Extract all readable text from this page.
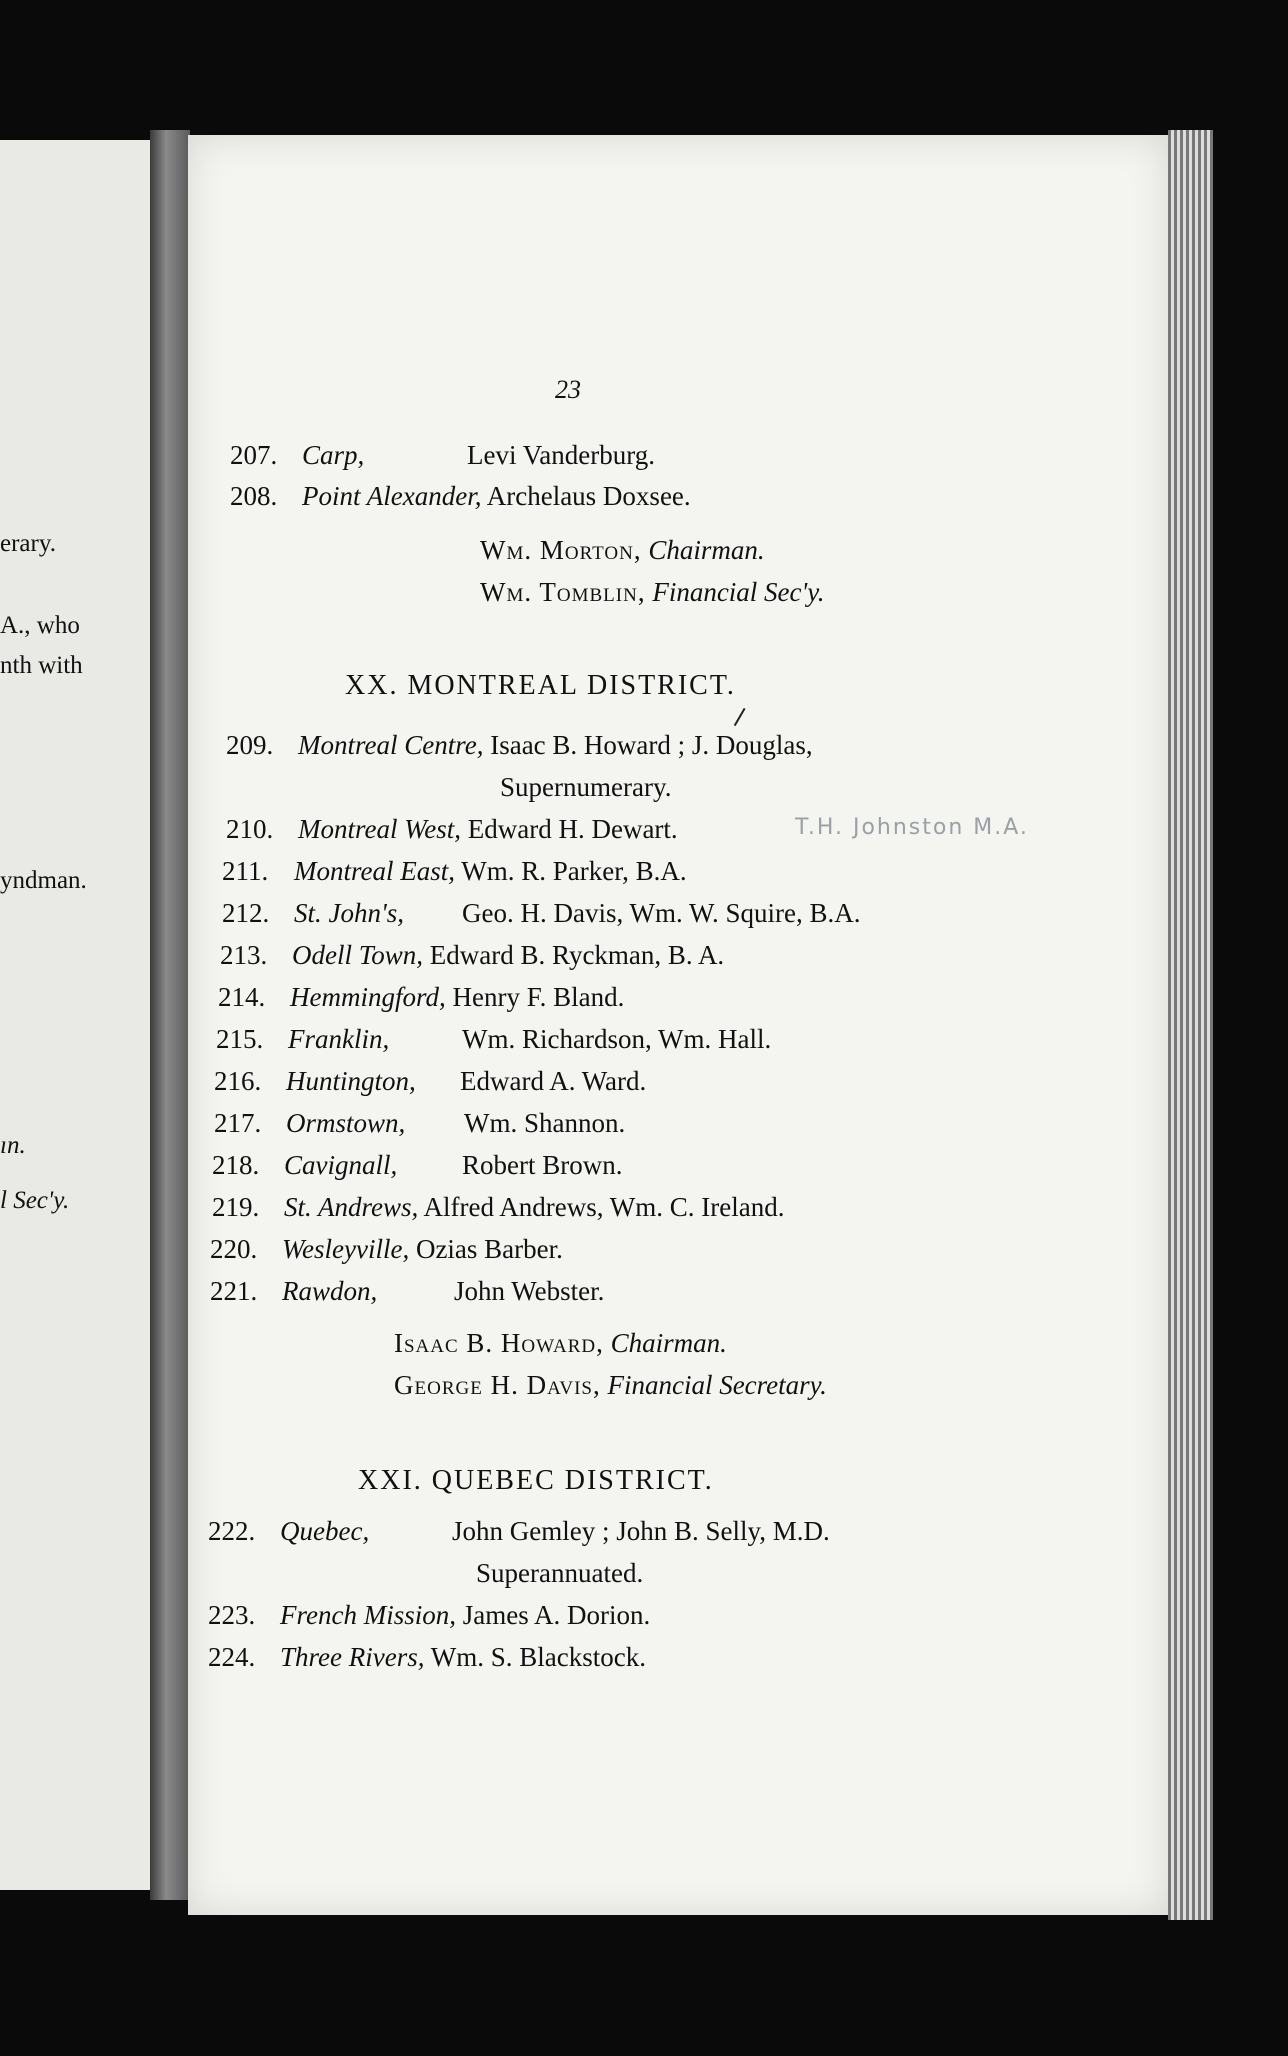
erary.
A., who
nth with
yndman.
ın.
l Sec'y.
23
207. Carp,	Levi Vanderburg.
208. Point Alexander, Archelaus Doxsee.
Wm. Morton, Chairman.
Wm. Tomblin, Financial Sec'y.
XX. MONTREAL DISTRICT.
209. Montreal Centre, Isaac B. Howard ; J. Douglas,
Supernumerary.
210. Montreal West, Edward H. Dewart.	T.H. Johnston M.A.
211. Montreal East, Wm. R. Parker, B.A.
212. St. John's, Geo. H. Davis, Wm. W. Squire, B.A.
213. Odell Town, Edward B. Ryckman, B. A.
214. Hemmingford, Henry F. Bland.
215. Franklin,	Wm. Richardson, Wm. Hall.
216. Huntington, Edward A. Ward.
217. Ormstown, Wm. Shannon.
218. Cavignall, Robert Brown.
219. St. Andrews, Alfred Andrews, Wm. C. Ireland.
220. Wesleyville, Ozias Barber.
221. Rawdon,	John Webster.
Isaac B. Howard, Chairman.
George H. Davis, Financial Secretary.
XXI. QUEBEC DISTRICT.
222. Quebec,	John Gemley ; John B. Selly, M.D.
Superannuated.
223. French Mission, James A. Dorion.
224. Three Rivers, Wm. S. Blackstock.
